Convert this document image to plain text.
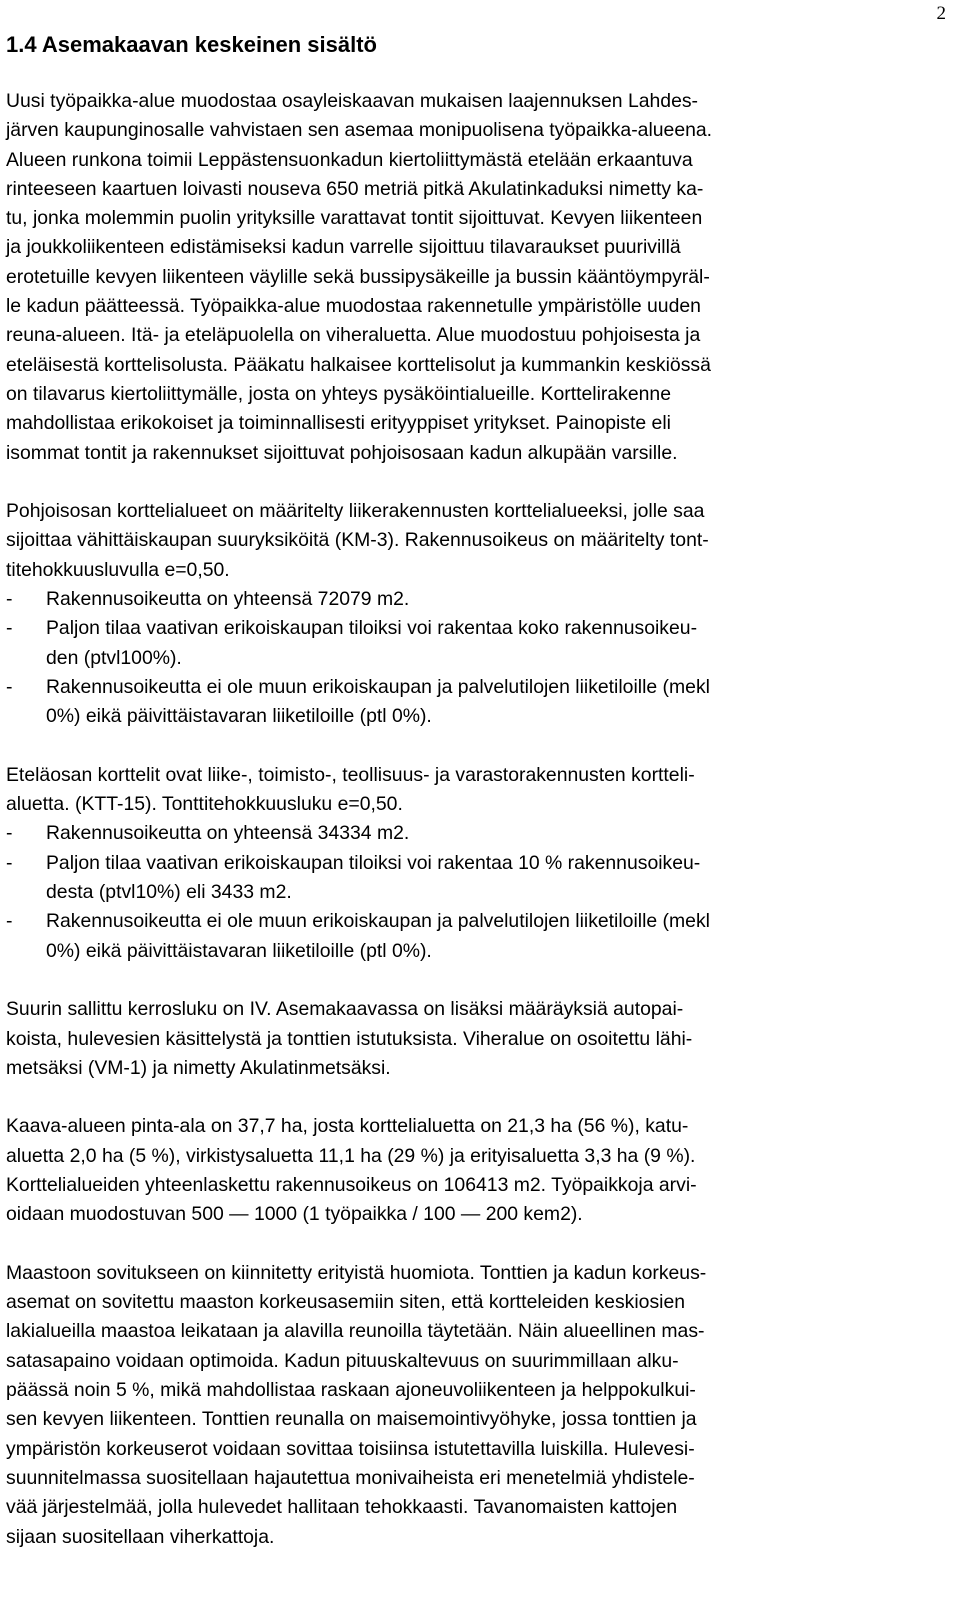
2
1.4 Asemakaavan keskeinen sisältö
Uusi työpaikka-alue muodostaa osayleiskaavan mukaisen laajennuksen Lahdes-
järven kaupunginosalle vahvistaen sen asemaa monipuolisena työpaikka-alueena.
Alueen runkona toimii Leppästensuonkadun kiertoliittymästä etelään erkaantuva
rinteeseen kaartuen loivasti nouseva 650 metriä pitkä Akulatinkaduksi nimetty ka-
tu, jonka molemmin puolin yrityksille varattavat tontit sijoittuvat. Kevyen liikenteen
ja joukkoliikenteen edistämiseksi kadun varrelle sijoittuu tilavaraukset puurivillä
erotetuille kevyen liikenteen väylille sekä bussipysäkeille ja bussin kääntöympyräl-
le kadun päätteessä. Työpaikka-alue muodostaa rakennetulle ympäristölle uuden
reuna-alueen. Itä- ja eteläpuolella on viheraluetta. Alue muodostuu pohjoisesta ja
eteläisestä korttelisolusta. Pääkatu halkaisee korttelisolut ja kummankin keskiössä
on tilavarus kiertoliittymälle, josta on yhteys pysäköintialueille. Korttelirakenne
mahdollistaa erikokoiset ja toiminnallisesti erityyppiset yritykset. Painopiste eli
isommat tontit ja rakennukset sijoittuvat pohjoisosaan kadun alkupään varsille.
Pohjoisosan korttelialueet on määritelty liikerakennusten korttelialueeksi, jolle saa
sijoittaa vähittäiskaupan suuryksiköitä (KM-3). Rakennusoikeus on määritelty tont-
titehokkuusluvulla e=0,50.
- Rakennusoikeutta on yhteensä 72079 m2.
- Paljon tilaa vaativan erikoiskaupan tiloiksi voi rakentaa koko rakennusoikeu-
den (ptvl100%).
- Rakennusoikeutta ei ole muun erikoiskaupan ja palvelutilojen liiketiloille (mekl
0%) eikä päivittäistavaran liiketiloille (ptl 0%).
Eteläosan korttelit ovat liike-, toimisto-, teollisuus- ja varastorakennusten kortteli-
aluetta. (KTT-15). Tonttitehokkuusluku e=0,50.
- Rakennusoikeutta on yhteensä 34334 m2.
- Paljon tilaa vaativan erikoiskaupan tiloiksi voi rakentaa 10 % rakennusoikeu-
desta (ptvl10%) eli 3433 m2.
- Rakennusoikeutta ei ole muun erikoiskaupan ja palvelutilojen liiketiloille (mekl
0%) eikä päivittäistavaran liiketiloille (ptl 0%).
Suurin sallittu kerrosluku on IV. Asemakaavassa on lisäksi määräyksiä autopai-
koista, hulevesien käsittelystä ja tonttien istutuksista. Viheralue on osoitettu lähi-
metsäksi (VM-1) ja nimetty Akulatinmetsäksi.
Kaava-alueen pinta-ala on 37,7 ha, josta korttelialuetta on 21,3 ha (56 %), katu-
aluetta 2,0 ha (5 %), virkistysaluetta 11,1 ha (29 %) ja erityisaluetta 3,3 ha (9 %).
Korttelialueiden yhteenlaskettu rakennusoikeus on 106413 m2. Työpaikkoja arvi-
oidaan muodostuvan 500 — 1000 (1 työpaikka / 100 — 200 kem2).
Maastoon sovitukseen on kiinnitetty erityistä huomiota. Tonttien ja kadun korkeus-
asemat on sovitettu maaston korkeusasemiin siten, että kortteleiden keskiosien
lakialueilla maastoa leikataan ja alavilla reunoilla täytetään. Näin alueellinen mas-
satasapaino voidaan optimoida. Kadun pituuskaltevuus on suurimmillaan alku-
päässä noin 5 %, mikä mahdollistaa raskaan ajoneuvoliikenteen ja helppokulkui-
sen kevyen liikenteen. Tonttien reunalla on maisemointivyöhyke, jossa tonttien ja
ympäristön korkeuserot voidaan sovittaa toisiinsa istutettavilla luiskilla. Hulevesi-
suunnitelmassa suositellaan hajautettua monivaiheista eri menetelmiä yhdistele-
vää järjestelmää, jolla hulevedet hallitaan tehokkaasti. Tavanomaisten kattojen
sijaan suositellaan viherkattoja.
